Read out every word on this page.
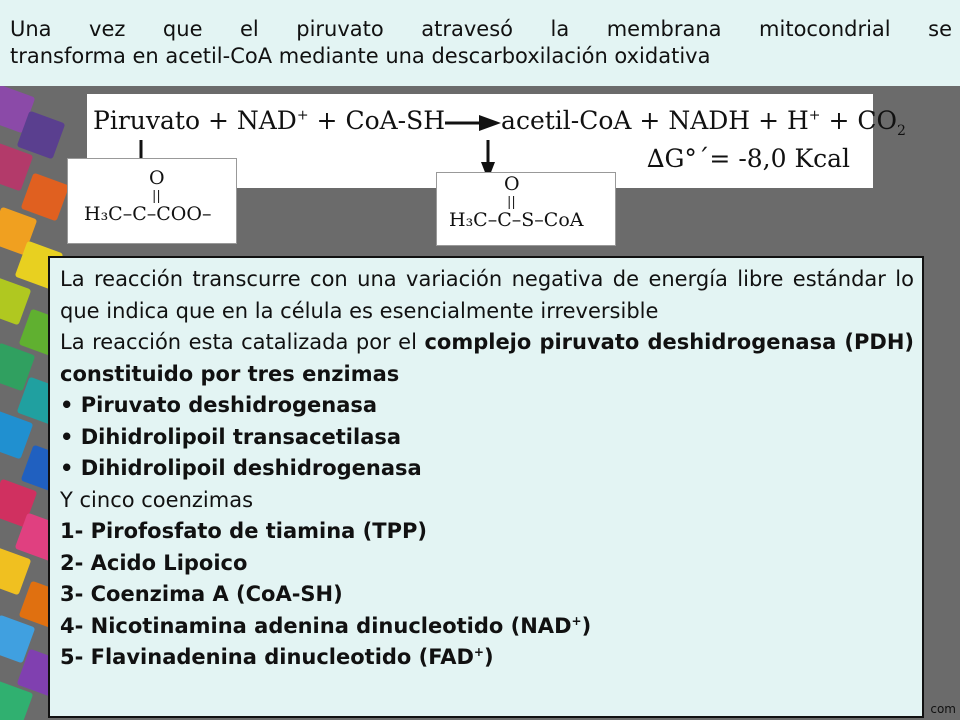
Una vez que el piruvato atravesó la membrana mitocondrial se
transforma en acetil-CoA mediante una descarboxilación oxidativa
Piruvato + NAD+ + CoA-SH→acetil-CoA + NADH + $H^+ + CO_2$
∆G°´= -8,0 Kcal
O
||
H₃C–C–COO–
O
||
H₃C–C–S–CoA

La reacción transcurre con una variación negativa de energía libre estándar lo que indica que en la célula es esencialmente irreversible

La reacción esta catalizada por el complejo piruvato deshidrogenasa (PDH) constituido por tres enzimas

• Piruvato deshidrogenasa
• Dihidrolipoil transacetilasa
• Dihidrolipoil deshidrogenasa
Y cinco coenzimas
1- Pirofosfato de tiamina (TPP)
2- Acido Lipoico
3- Coenzima A (CoA-SH)
4- Nicotinamina adenina dinucleotido (NAD+)
5- Flavinadenina dinucleotido (FAD+)
com
